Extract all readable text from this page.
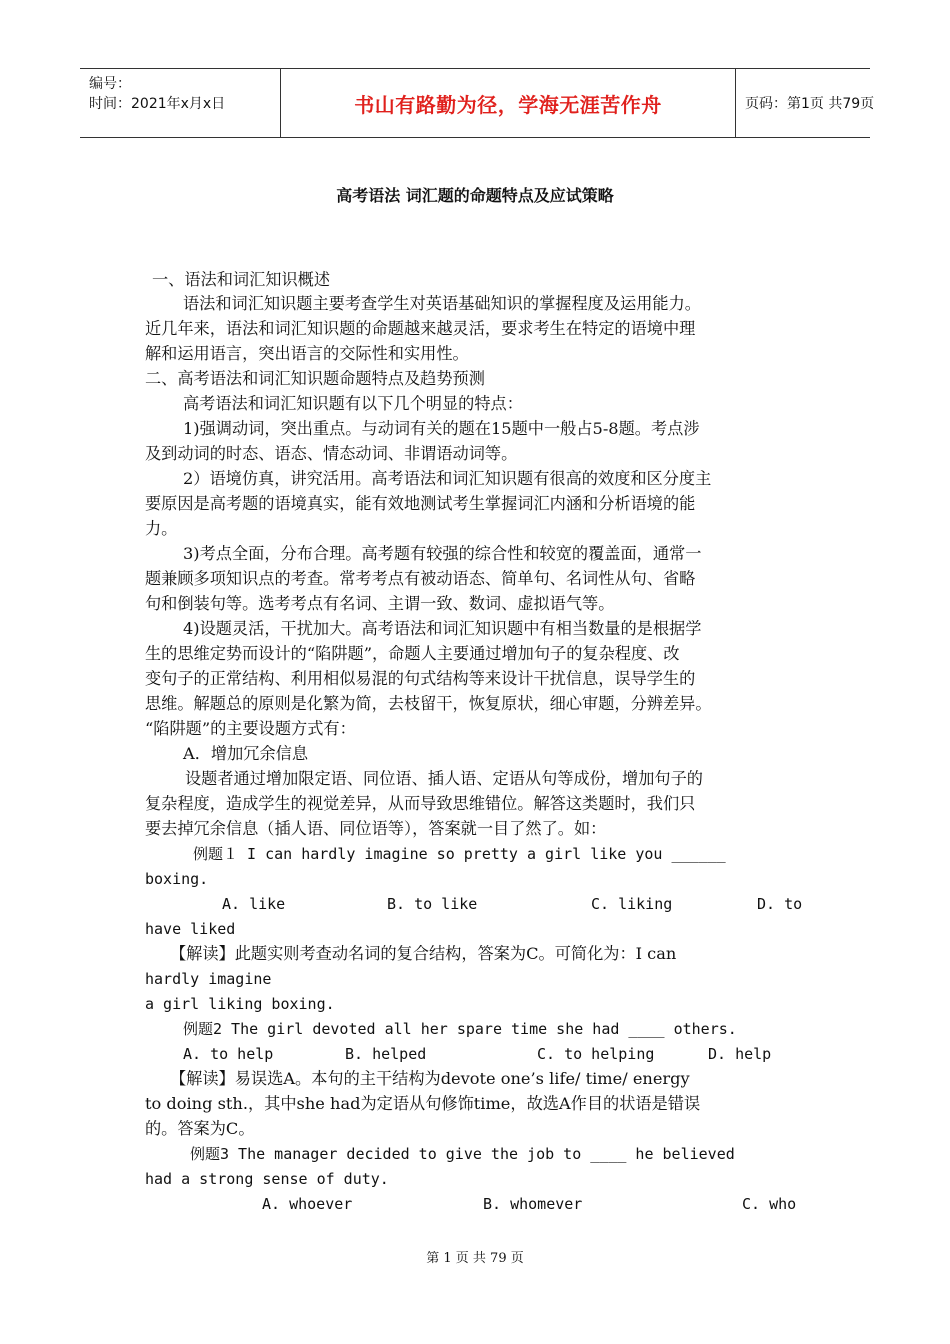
编号：
时间：2021年x月x日	书山有路勤为径，学海无涯苦作舟	页码：第1页 共79页
高考语法 词汇题的命题特点及应试策略
一、语法和词汇知识概述
语法和词汇知识题主要考查学生对英语基础知识的掌握程度及运用能力。
近几年来，语法和词汇知识题的命题越来越灵活，要求考生在特定的语境中理
解和运用语言，突出语言的交际性和实用性。
二、高考语法和词汇知识题命题特点及趋势预测
高考语法和词汇知识题有以下几个明显的特点：
1)强调动词，突出重点。与动词有关的题在15题中一般占5-8题。考点涉
及到动词的时态、语态、情态动词、非谓语动词等。
2）语境仿真，讲究活用。高考语法和词汇知识题有很高的效度和区分度主
要原因是高考题的语境真实，能有效地测试考生掌握词汇内涵和分析语境的能
力。
3)考点全面，分布合理。高考题有较强的综合性和较宽的覆盖面，通常一
题兼顾多项知识点的考查。常考考点有被动语态、简单句、名词性从句、省略
句和倒装句等。选考考点有名词、主谓一致、数词、虚拟语气等。
4)设题灵活，干扰加大。高考语法和词汇知识题中有相当数量的是根据学
生的思维定势而设计的“陷阱题”，命题人主要通过增加句子的复杂程度、改
变句子的正常结构、利用相似易混的句式结构等来设计干扰信息，误导学生的
思维。解题总的原则是化繁为简，去枝留干，恢复原状，细心审题，分辨差异。
“陷阱题”的主要设题方式有：
A．增加冗余信息
设题者通过增加限定语、同位语、插人语、定语从句等成份，增加句子的
复杂程度，造成学生的视觉差异，从而导致思维错位。解答这类题时，我们只
要去掉冗余信息（插人语、同位语等），答案就一目了然了。如：
例题１ I can hardly imagine so pretty a girl like you ______
boxing.
A. like	B. to like	C. liking	D. to
have liked
【解读】此题实则考查动名词的复合结构，答案为C。可简化为：I can
hardly imagine
a girl liking boxing.
例题2 The girl devoted all her spare time she had ____ others.
A. to help	B. helped	C. to helping	D. help
【解读】易误选A。本句的主干结构为devote one’s life/ time/ energy
to doing sth.，其中she had为定语从句修饰time，故选A作目的状语是错误
的。答案为C。
例题3 The manager decided to give the job to ____ he believed
had a strong sense of duty.
A. whoever	B. whomever	C. who
第 1 页 共 79 页
